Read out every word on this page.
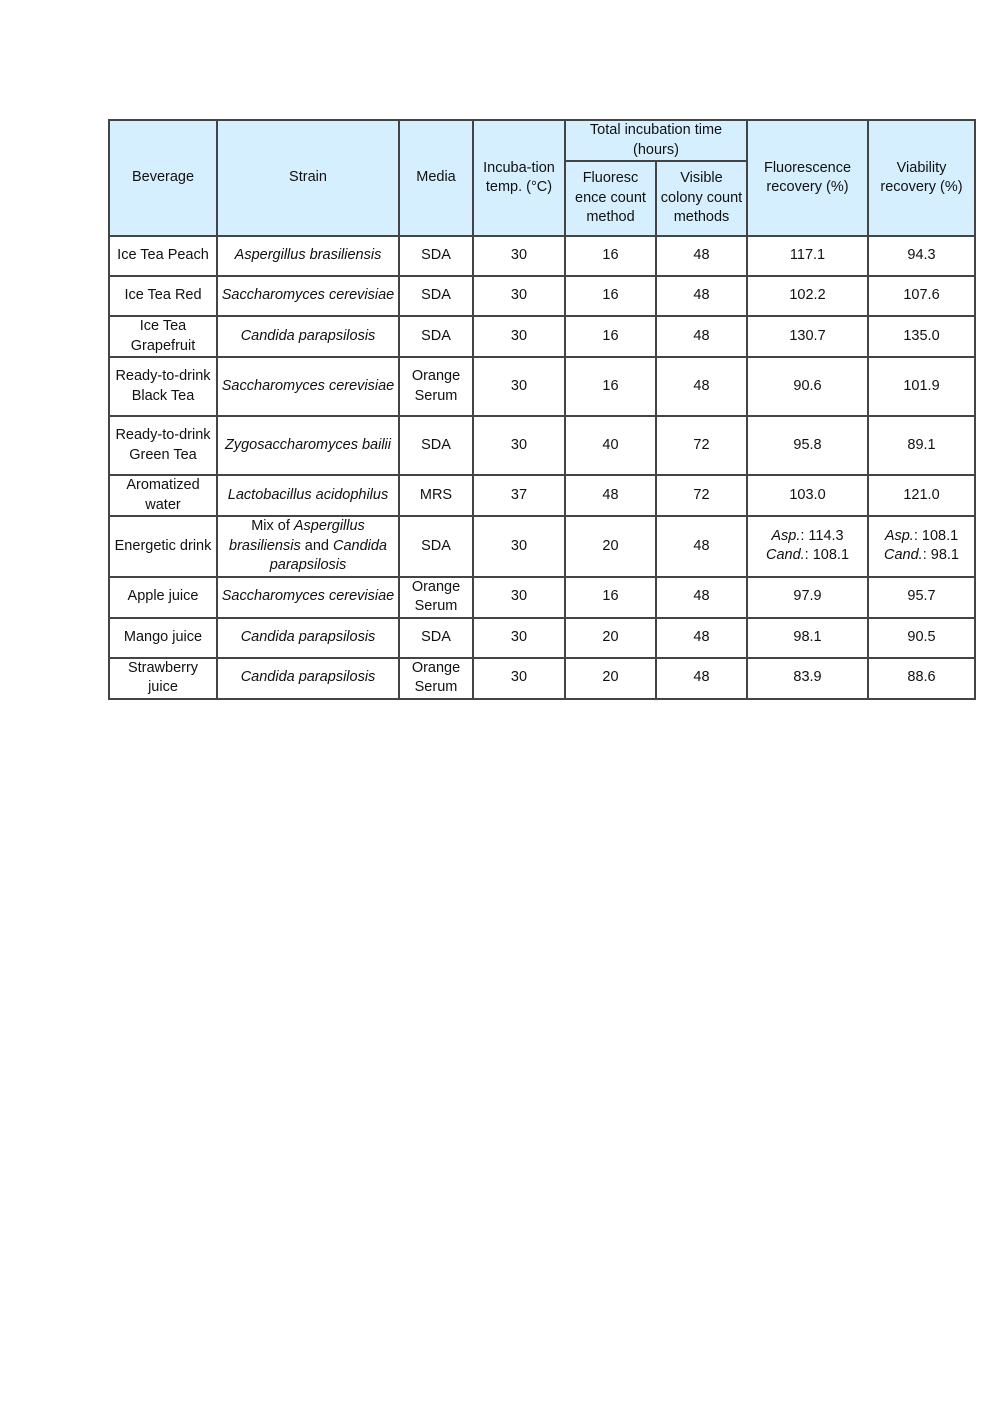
Beverage	Strain	Media	Incuba-tion temp. (°C)	Total incubation time (hours)		Fluorescence recovery (%)	Viability recovery (%)
				Fluoresc ence count method	Visible colony count methods		
Ice Tea Peach	Aspergillus brasiliensis	SDA	30	16	48	117.1	94.3
Ice Tea Red	Saccharomyces cerevisiae	SDA	30	16	48	102.2	107.6
Ice Tea Grapefruit	Candida parapsilosis	SDA	30	16	48	130.7	135.0
Ready-to-drink Black Tea	Saccharomyces cerevisiae	Orange Serum	30	16	48	90.6	101.9
Ready-to-drink Green Tea	Zygosaccharomyces bailii	SDA	30	40	72	95.8	89.1
Aromatized water	Lactobacillus acidophilus	MRS	37	48	72	103.0	121.0
Energetic drink	Mix of Aspergillus brasiliensis and Candida parapsilosis	SDA	30	20	48	Asp.: 114.3 Cand.: 108.1	Asp.: 108.1 Cand.: 98.1
Apple juice	Saccharomyces cerevisiae	Orange Serum	30	16	48	97.9	95.7
Mango juice	Candida parapsilosis	SDA	30	20	48	98.1	90.5
Strawberry juice	Candida parapsilosis	Orange Serum	30	20	48	83.9	88.6
